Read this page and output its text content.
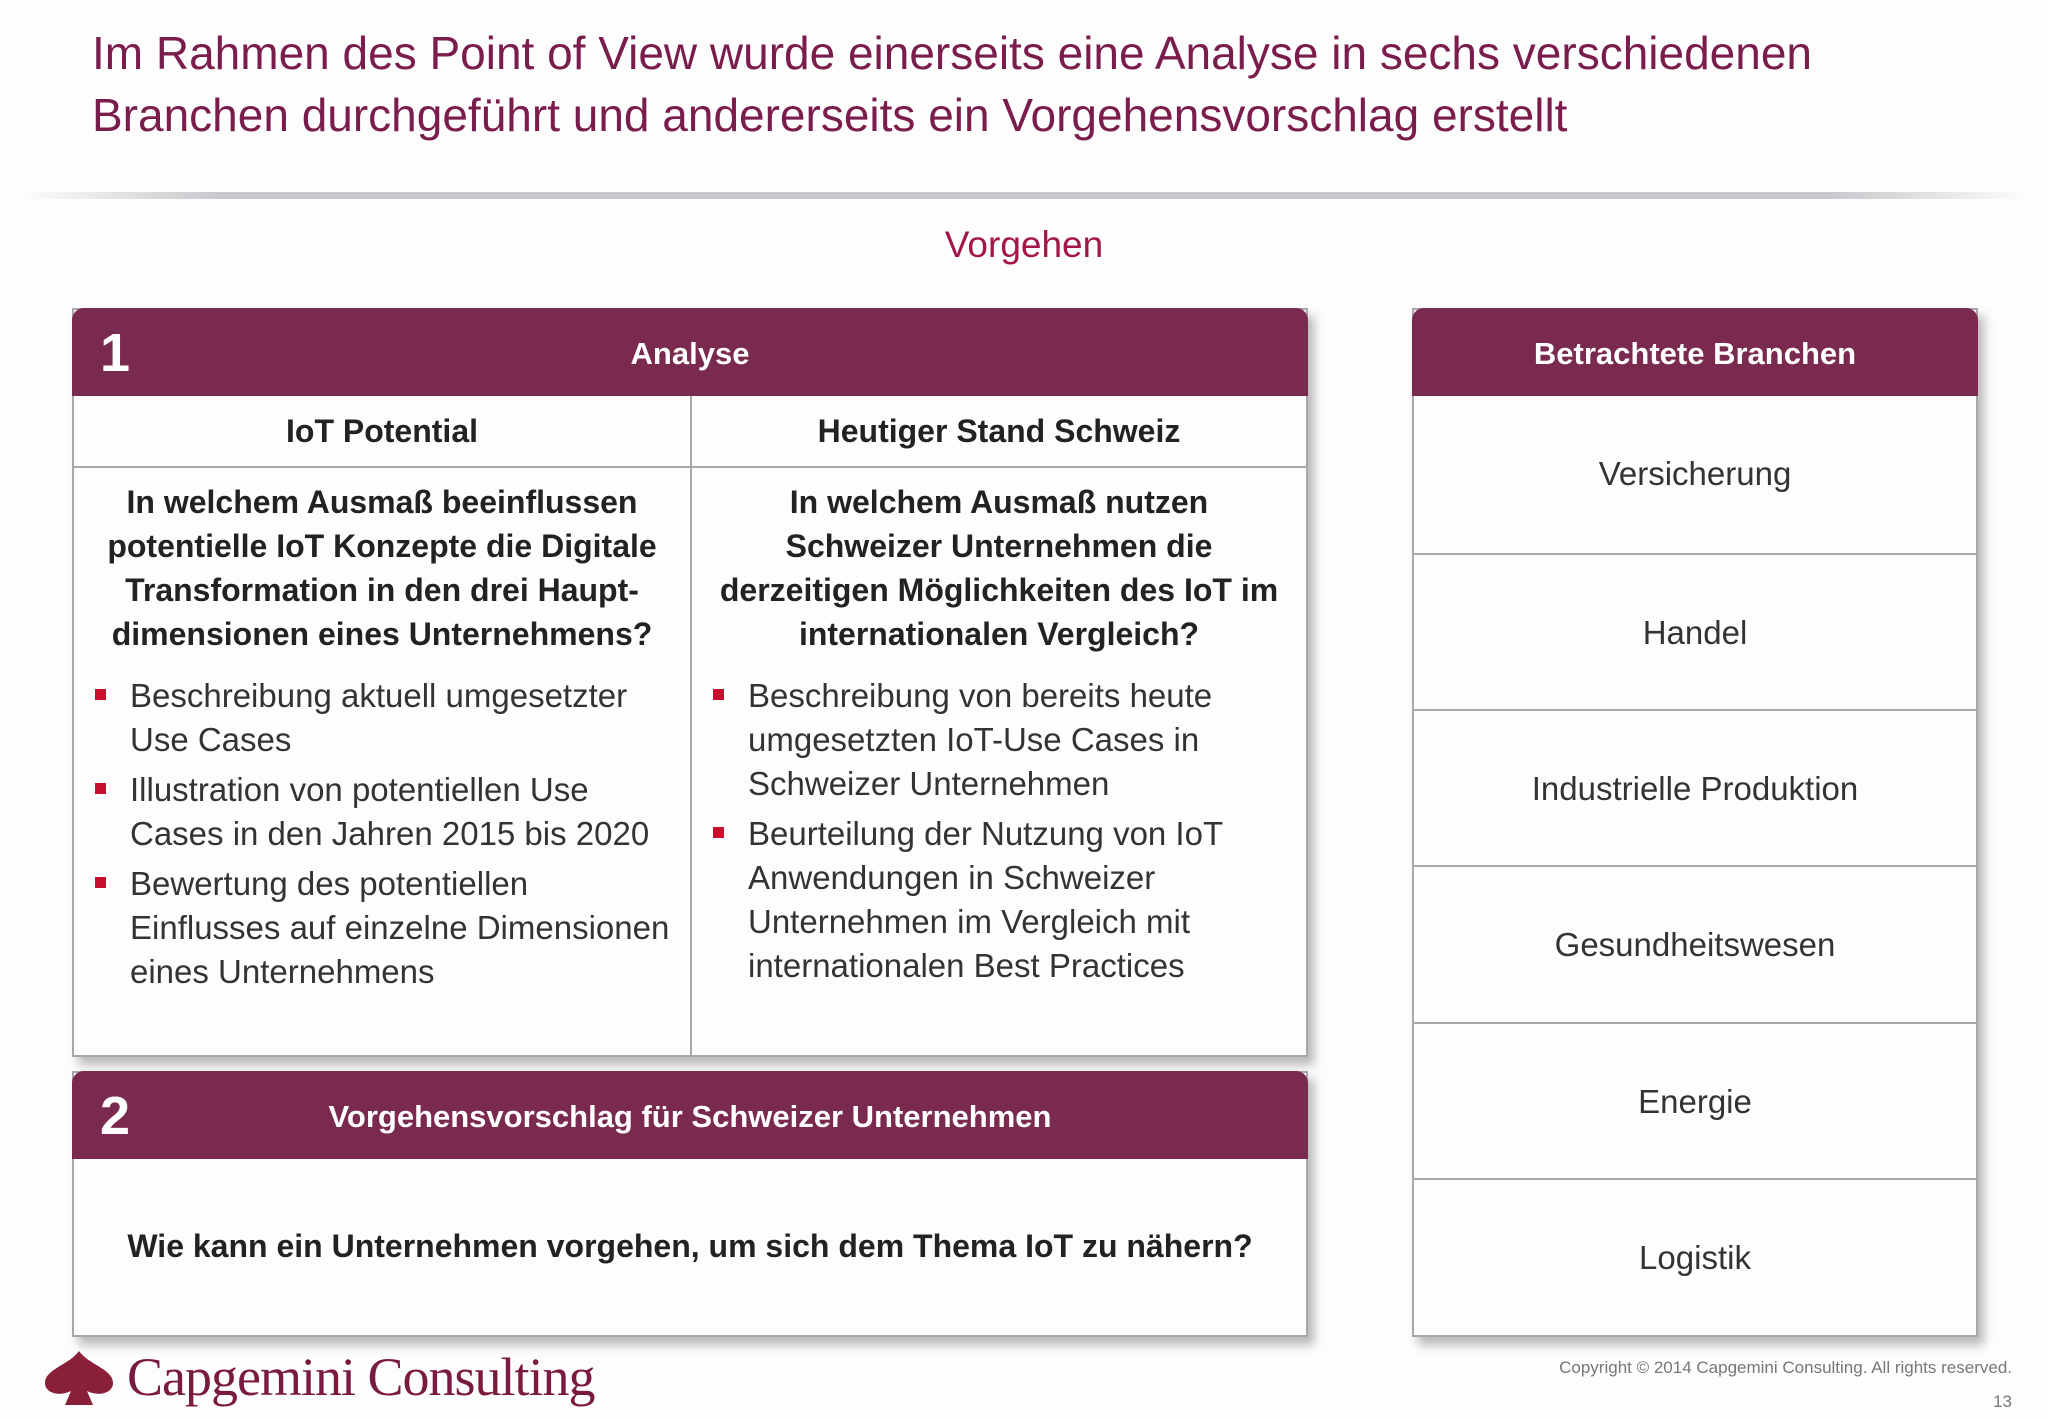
Im Rahmen des Point of View wurde einerseits eine Analyse in sechs verschiedenen Branchen durchgeführt und andererseits ein Vorgehensvorschlag erstellt
Vorgehen
1	Analyse
IoT Potential
In welchem Ausmaß beeinflussen potentielle IoT Konzepte die Digitale Transformation in den drei Haupt-dimensionen eines Unternehmens?
Beschreibung aktuell umgesetzter Use Cases
Illustration von potentiellen Use Cases in den Jahren 2015 bis 2020
Bewertung des potentiellen Einflusses auf einzelne Dimensionen eines Unternehmens
Heutiger Stand Schweiz
In welchem Ausmaß nutzen Schweizer Unternehmen die derzeitigen Möglichkeiten des IoT im internationalen Vergleich?
Beschreibung von bereits heute umgesetzten IoT-Use Cases in Schweizer Unternehmen
Beurteilung der Nutzung von IoT Anwendungen in Schweizer Unternehmen im Vergleich mit internationalen Best Practices
2	Vorgehensvorschlag für Schweizer Unternehmen
Wie kann ein Unternehmen vorgehen, um sich dem Thema IoT zu nähern?
Betrachtete Branchen
Versicherung
Handel
Industrielle Produktion
Gesundheitswesen
Energie
Logistik
Capgemini Consulting	Copyright © 2014 Capgemini Consulting. All rights reserved.
13
